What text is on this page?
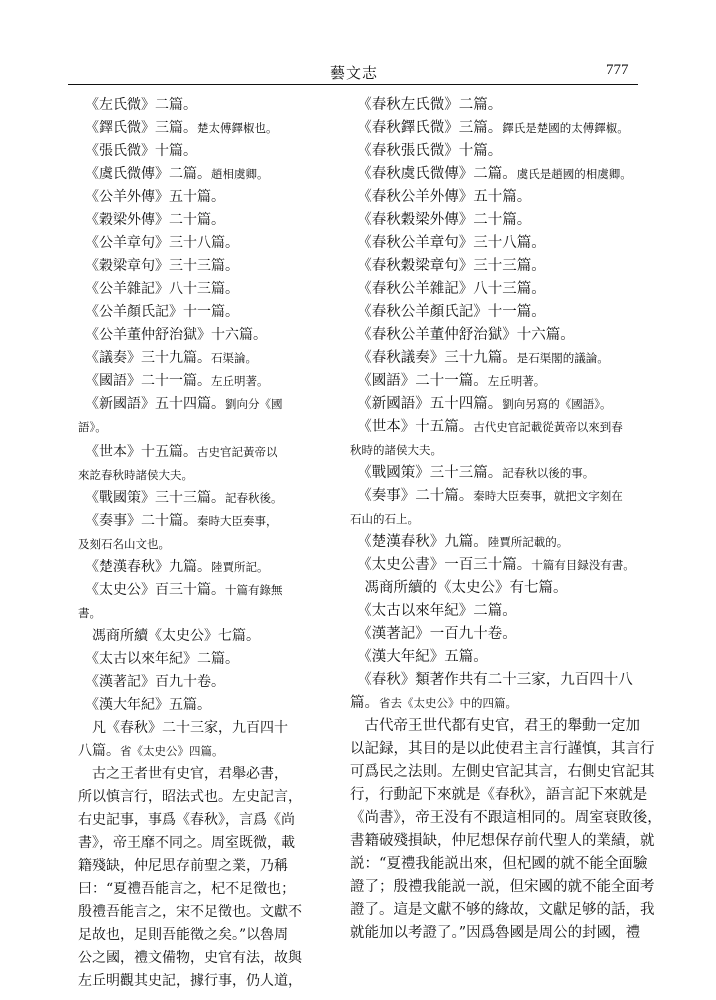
藝文志	777
　《左氏微》二篇。
　《鐸氏微》三篇。楚太傅鐸椒也。
　《張氏微》十篇。
　《虞氏微傳》二篇。趙相虞卿。
　《公羊外傳》五十篇。
　《穀梁外傳》二十篇。
　《公羊章句》三十八篇。
　《穀梁章句》三十三篇。
　《公羊雜記》八十三篇。
　《公羊顏氏記》十一篇。
　《公羊董仲舒治獄》十六篇。
　《議奏》三十九篇。石渠論。
　《國語》二十一篇。左丘明著。
　《新國語》五十四篇。劉向分《國
語》。
　《世本》十五篇。古史官記黃帝以
來訖春秋時諸侯大夫。
　《戰國策》三十三篇。記春秋後。
　《奏事》二十篇。秦時大臣奏事，
及刻石名山文也。
　《楚漢春秋》九篇。陸賈所記。
　《太史公》百三十篇。十篇有錄無
書。
　馮商所續《太史公》七篇。
　《太古以來年紀》二篇。
　《漢著記》百九十卷。
　《漢大年紀》五篇。
　凡《春秋》二十三家，九百四十
八篇。省《太史公》四篇。
　古之王者世有史官，君舉必書，
所以慎言行，昭法式也。左史記言，
右史記事，事爲《春秋》，言爲《尚
書》，帝王靡不同之。周室既微，載
籍殘缺，仲尼思存前聖之業，乃稱
曰：“夏禮吾能言之，杞不足徵也；
殷禮吾能言之，宋不足徵也。文獻不
足故也，足則吾能徵之矣。”以魯周
公之國，禮文備物，史官有法，故與
左丘明觀其史記，據行事，仍人道，
　《春秋左氏微》二篇。
　《春秋鐸氏微》三篇。鐸氏是楚國的太傅鐸椒。
　《春秋張氏微》十篇。
　《春秋虞氏微傳》二篇。虞氏是趙國的相虞卿。
　《春秋公羊外傳》五十篇。
　《春秋穀梁外傳》二十篇。
　《春秋公羊章句》三十八篇。
　《春秋穀梁章句》三十三篇。
　《春秋公羊雜記》八十三篇。
　《春秋公羊顏氏記》十一篇。
　《春秋公羊董仲舒治獄》十六篇。
　《春秋議奏》三十九篇。是石渠閣的議論。
　《國語》二十一篇。左丘明著。
　《新國語》五十四篇。劉向另寫的《國語》。
　《世本》十五篇。古代史官記載從黃帝以來到春
秋時的諸侯大夫。
　《戰國策》三十三篇。記春秋以後的事。
　《奏事》二十篇。秦時大臣奏事，就把文字刻在
石山的石上。
　《楚漢春秋》九篇。陸賈所記載的。
　《太史公書》一百三十篇。十篇有目録没有書。
　馮商所續的《太史公》有七篇。
　《太古以來年紀》二篇。
　《漢著記》一百九十卷。
　《漢大年紀》五篇。
　《春秋》類著作共有二十三家，九百四十八
篇。省去《太史公》中的四篇。
　古代帝王世代都有史官，君王的舉動一定加
以記録，其目的是以此使君主言行謹慎，其言行
可爲民之法則。左側史官記其言，右側史官記其
行，行動記下來就是《春秋》，語言記下來就是
《尚書》，帝王没有不跟這相同的。周室衰敗後，
書籍破殘損缺，仲尼想保存前代聖人的業績，就
説：“夏禮我能説出來，但杞國的就不能全面驗
證了；殷禮我能説一説，但宋國的就不能全面考
證了。這是文獻不够的緣故，文獻足够的話，我
就能加以考證了。”因爲魯國是周公的封國，禮
